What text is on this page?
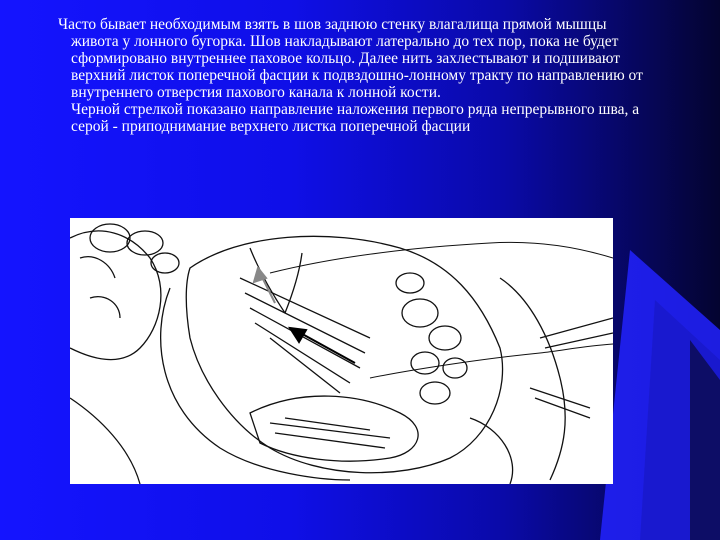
Часто бывает необходимым взять в шов заднюю стенку влагалища прямой мышцы живота у лонного бугорка. Шов накладывают латерально до тех пор, пока не будет сформировано внутреннее паховое кольцо. Далее нить захлестывают и подшивают верхний листок поперечной фасции к подвздошно-лонному тракту по направлению от внутреннего отверстия пахового канала к лонной кости.

Черной стрелкой показано направление наложения первого ряда непрерывного шва, а серой - приподнимание верхнего листка поперечной фасции
